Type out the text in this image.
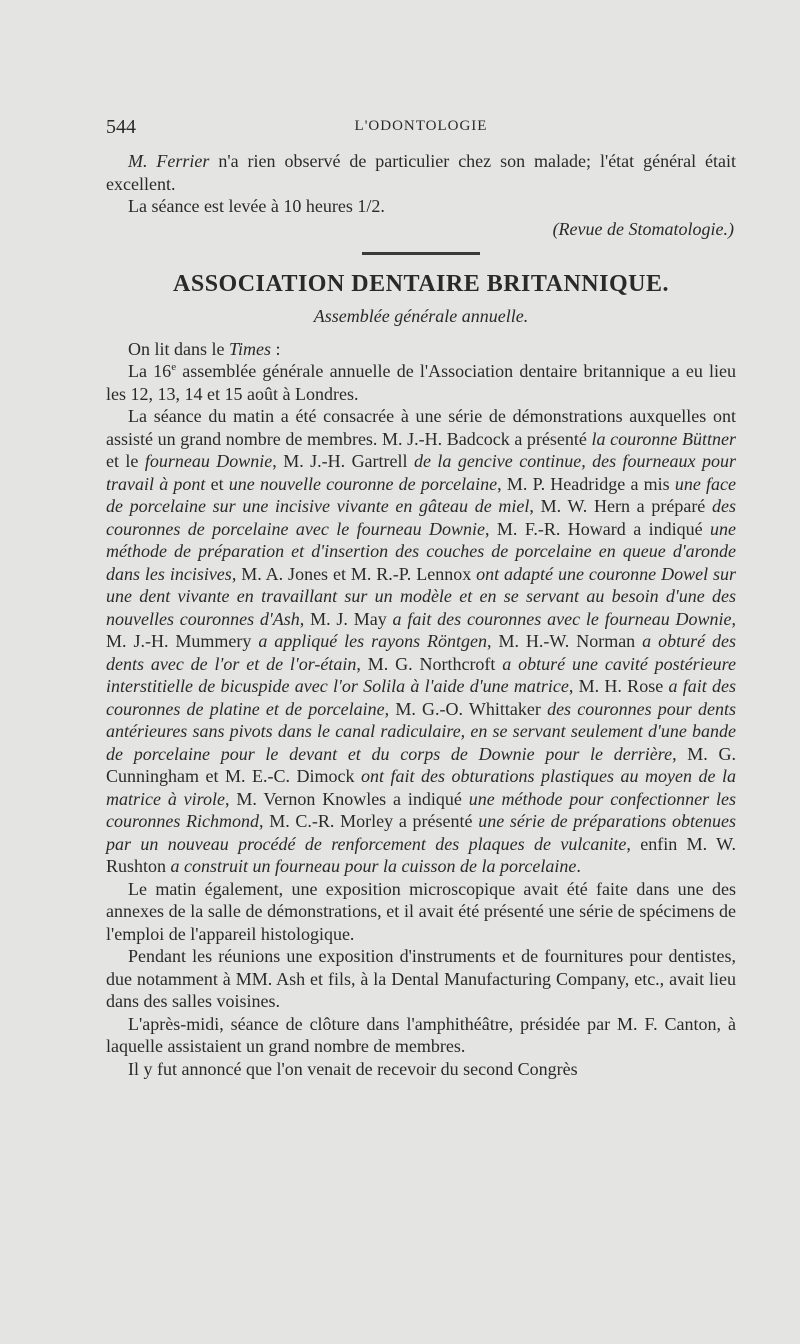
544	L'ODONTOLOGIE

M. Ferrier n'a rien observé de particulier chez son malade; l'état général était excellent.

La séance est levée à 10 heures 1/2.

(Revue de Stomatologie.)

ASSOCIATION DENTAIRE BRITANNIQUE.
Assemblée générale annuelle.

On lit dans le Times :

La 16e assemblée générale annuelle de l'Association dentaire britannique a eu lieu les 12, 13, 14 et 15 août à Londres.

La séance du matin a été consacrée à une série de démonstrations auxquelles ont assisté un grand nombre de membres. M. J.-H. Badcock a présenté la couronne Büttner et le fourneau Downie, M. J.-H. Gartrell de la gencive continue, des fourneaux pour travail à pont et une nouvelle couronne de porcelaine, M. P. Headridge a mis une face de porcelaine sur une incisive vivante en gâteau de miel, M. W. Hern a préparé des couronnes de porcelaine avec le fourneau Downie, M. F.-R. Howard a indiqué une méthode de préparation et d'insertion des couches de porcelaine en queue d'aronde dans les incisives, M. A. Jones et M. R.-P. Lennox ont adapté une couronne Dowel sur une dent vivante en travaillant sur un modèle et en se servant au besoin d'une des nouvelles couronnes d'Ash, M. J. May a fait des couronnes avec le fourneau Downie, M. J.-H. Mummery a appliqué les rayons Röntgen, M. H.-W. Norman a obturé des dents avec de l'or et de l'or-étain, M. G. Northcroft a obturé une cavité postérieure interstitielle de bicuspide avec l'or Solila à l'aide d'une matrice, M. H. Rose a fait des couronnes de platine et de porcelaine, M. G.-O. Whittaker des couronnes pour dents antérieures sans pivots dans le canal radiculaire, en se servant seulement d'une bande de porcelaine pour le devant et du corps de Downie pour le derrière, M. G. Cunningham et M. E.-C. Dimock ont fait des obturations plastiques au moyen de la matrice à virole, M. Vernon Knowles a indiqué une méthode pour confectionner les couronnes Richmond, M. C.-R. Morley a présenté une série de préparations obtenues par un nouveau procédé de renforcement des plaques de vulcanite, enfin M. W. Rushton a construit un fourneau pour la cuisson de la porcelaine.

Le matin également, une exposition microscopique avait été faite dans une des annexes de la salle de démonstrations, et il avait été présenté une série de spécimens de l'emploi de l'appareil histologique.

Pendant les réunions une exposition d'instruments et de fournitures pour dentistes, due notamment à MM. Ash et fils, à la Dental Manufacturing Company, etc., avait lieu dans des salles voisines.

L'après-midi, séance de clôture dans l'amphithéâtre, présidée par M. F. Canton, à laquelle assistaient un grand nombre de membres.

Il y fut annoncé que l'on venait de recevoir du second Congrès
